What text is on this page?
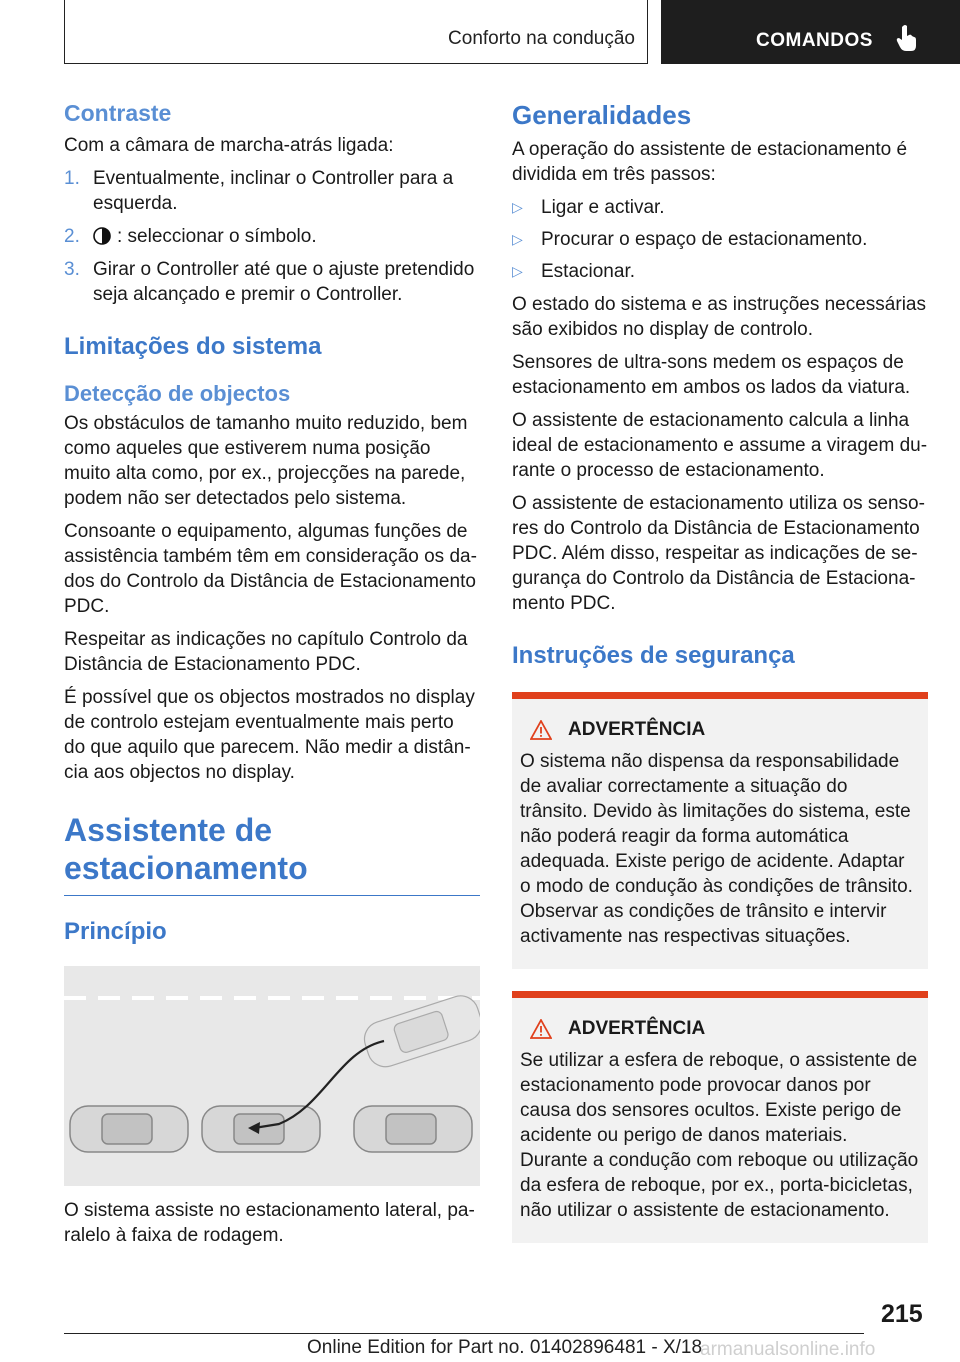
Conforto na condução	COMANDOS
Contraste

Com a câmara de marcha-atrás ligada:

1. Eventualmente, inclinar o Controller para a esquerda.
2. : seleccionar o símbolo.
3. Girar o Controller até que o ajuste pretendido seja alcançado e premir o Controller.
Limitações do sistema
Detecção de objectos

Os obstáculos de tamanho muito reduzido, bem como aqueles que estiverem numa posição muito alta como, por ex., projecções na parede, podem não ser detectados pelo sistema.

Consoante o equipamento, algumas funções de assistência também têm em consideração os dados do Controlo da Distância de Estacionamento PDC.

Respeitar as indicações no capítulo Controlo da Distância de Estacionamento PDC.

É possível que os objectos mostrados no display de controlo estejam eventualmente mais perto do que aquilo que parecem. Não medir a distância aos objectos no display.

Assistente de
estacionamento
Princípio

O sistema assiste no estacionamento lateral, paralelo à faixa de rodagem.

Generalidades

A operação do assistente de estacionamento é dividida em três passos:

▷ Ligar e activar.
▷ Procurar o espaço de estacionamento.
▷ Estacionar.

O estado do sistema e as instruções necessárias são exibidos no display de controlo.

Sensores de ultra-sons medem os espaços de estacionamento em ambos os lados da viatura.

O assistente de estacionamento calcula a linha ideal de estacionamento e assume a viragem durante o processo de estacionamento.

O assistente de estacionamento utiliza os sensores do Controlo da Distância de Estacionamento PDC. Além disso, respeitar as indicações de segurança do Controlo da Distância de Estacionamento PDC.

Instruções de segurança
ADVERTÊNCIA

O sistema não dispensa da responsabilidade de avaliar correctamente a situação do trânsito. Devido às limitações do sistema, este não poderá reagir da forma automática adequada. Existe perigo de acidente. Adaptar o modo de condução às condições de trânsito. Observar as condições de trânsito e intervir activamente nas respectivas situações.

ADVERTÊNCIA

Se utilizar a esfera de reboque, o assistente de estacionamento pode provocar danos por causa dos sensores ocultos. Existe perigo de acidente ou perigo de danos materiais. Durante a condução com reboque ou utilização da esfera de reboque, por ex., porta-bicicletas, não utilizar o assistente de estacionamento.

215
Online Edition for Part no. 01402896481 - X/18
armanualsonline.info
